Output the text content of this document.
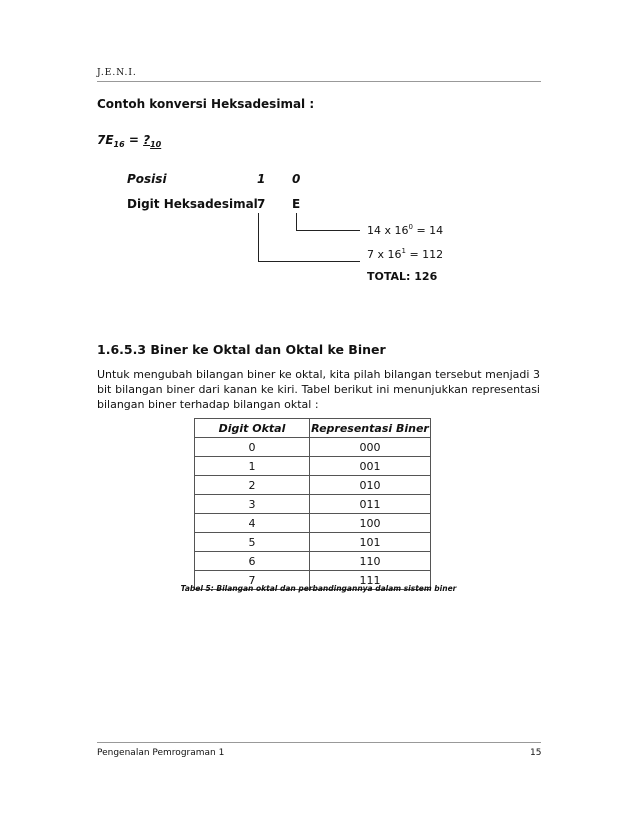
J.E.N.I.
Contoh konversi Heksadesimal :
$7E_{16}$ = $?_{10}$
Posisi	1 0
Digit Heksadesimal 7 E
14 x $16^0 = 14$
7 x $16^1 = 112$
TOTAL: 126
1.6.5.3 Biner ke Oktal dan Oktal ke Biner
Untuk mengubah bilangan biner ke oktal, kita pilah bilangan tersebut menjadi 3 bit bilangan biner dari kanan ke kiri. Tabel berikut ini menunjukkan representasi bilangan biner terhadap bilangan oktal :
Digit Oktal	Representasi Biner
0	000
1	001
2	010
3	011
4	100
5	101
6	110
7	111
Tabel 5: Bilangan oktal dan perbandingannya dalam sistem biner
Pengenalan Pemrograman 1	15
